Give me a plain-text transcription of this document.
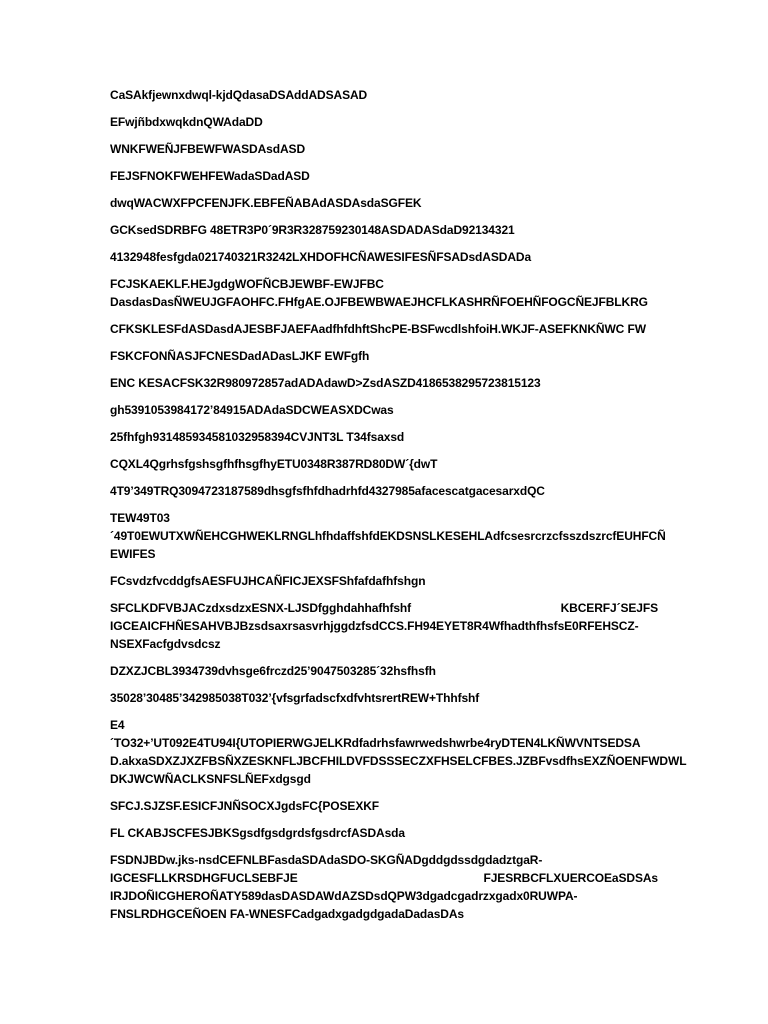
CaSAkfjewnxdwql-kjdQdasaDSAddADSASAD
EFwjñbdxwqkdnQWAdaDD
WNKFWEÑJFBEWFWASDAsdASD
FEJSFNOKFWEHFEWadaSDadASD
dwqWACWXFPCFENJFK.EBFEÑABAdASDAsdaSGFEK
GCKsedSDRBFG 48ETR3P0´9R3R328759230148ASDADASdaD92134321
4132948fesfgda021740321R3242LXHDOFHCÑAWESIFESÑFSADsdASDADa
FCJSKAEKLF.HEJgdgWOFÑCBJEWBF-EWJFBC
DasdasDasÑWEUJGFAOHFC.FHfgAE.OJFBEWBWAEJHCFLKASHRÑFOEHÑFOGCÑEJFBLKRG
CFKSKLESFdASDasdAJESBFJAEFAadfhfdhftShcPE-BSFwcdlshfoiH.WKJF-ASEFKNKÑWC FW
FSKCFONÑASJFCNESDadADasLJKF EWFgfh
ENC KESACFSK32R980972857adADAdawD>ZsdASZD4186538295723815123
gh5391053984172’84915ADAdaSDCWEASXDCwas
25fhfgh93148593458103295839​4CVJNT3L T34fsaxsd
CQXL4Qgrhsfgshsgfhfhsgfhy​ETU0348R387RD80DW´{dwT
4T9’349TRQ3094723187589dhsgfsfhfdhadrhfd4327985afacescatgacesarxdQC
TEW49T03
´49T0EWUTXWÑEHCGHWEKLRNGLhfhdaffshfdEKDSNSLKESEHLAdfcsesrcrzcfsszdszrcfEUHFCÑ
EWIFES
FCsvdzfvcddgfsAESFUJHCAÑFICJEXSFShfafdafhfshgn
SFCLKDFVBJACzdxsdzxESNX-LJSDfgghdahhafhfshf	KBCERFJ´SEJFS
IGCEAICFHÑESAHVBJBzsdsaxrsasvrhjggdzfsdCCS.FH94EYET8R4Wfhadthfhsfs​E0RFEHSCZ-
NSEXFacfgdvsdcsz
DZXZJCBL3934739dvhsge6frczd25’9047503285´32hsfhsfh
35028’30485’342985038T032’{vfsgrfadscfxdfvhtsrertREW+Thhfshf
E4
´TO32+’UT092E4TU94I{UTOPIERWGJELKRdfadrhsfawrwedshwrbe4ryDTEN4LKÑWVNTSEDSA
D.akxaSDXZJXZFBSÑXZESKNFLJBCFHILDVFDSSSECZXFHSELCFBES.JZBFvsdfhsEXZÑOENFWDWL
DKJWCWÑACLKSNFSLÑEFxdgsgd
SFCJ.SJZSF.ESICFJNÑSOCXJgdsFC{POSEXKF
FL CKABJSCFESJBKSgsdfgsdgrdsfgsdrcfASDAsda
FSDNJBDw.jks-nsdCEFNLBFasdaSDAdaSDO-SKGÑADgddgdssdgdadztgaR-
IGCESFLLKRSDHGFUCLSEBFJE	FJESRBCFLXUERCOEaSDSAs
IRJDOÑICGHEROÑATY589dasDASDAWdAZSDsdQPW3dgadcgadrzxgadx0RUWPA-
FNSLRDHGCEÑOEN FA-WNESFCadgadxgadgdgadaDadasDAs
